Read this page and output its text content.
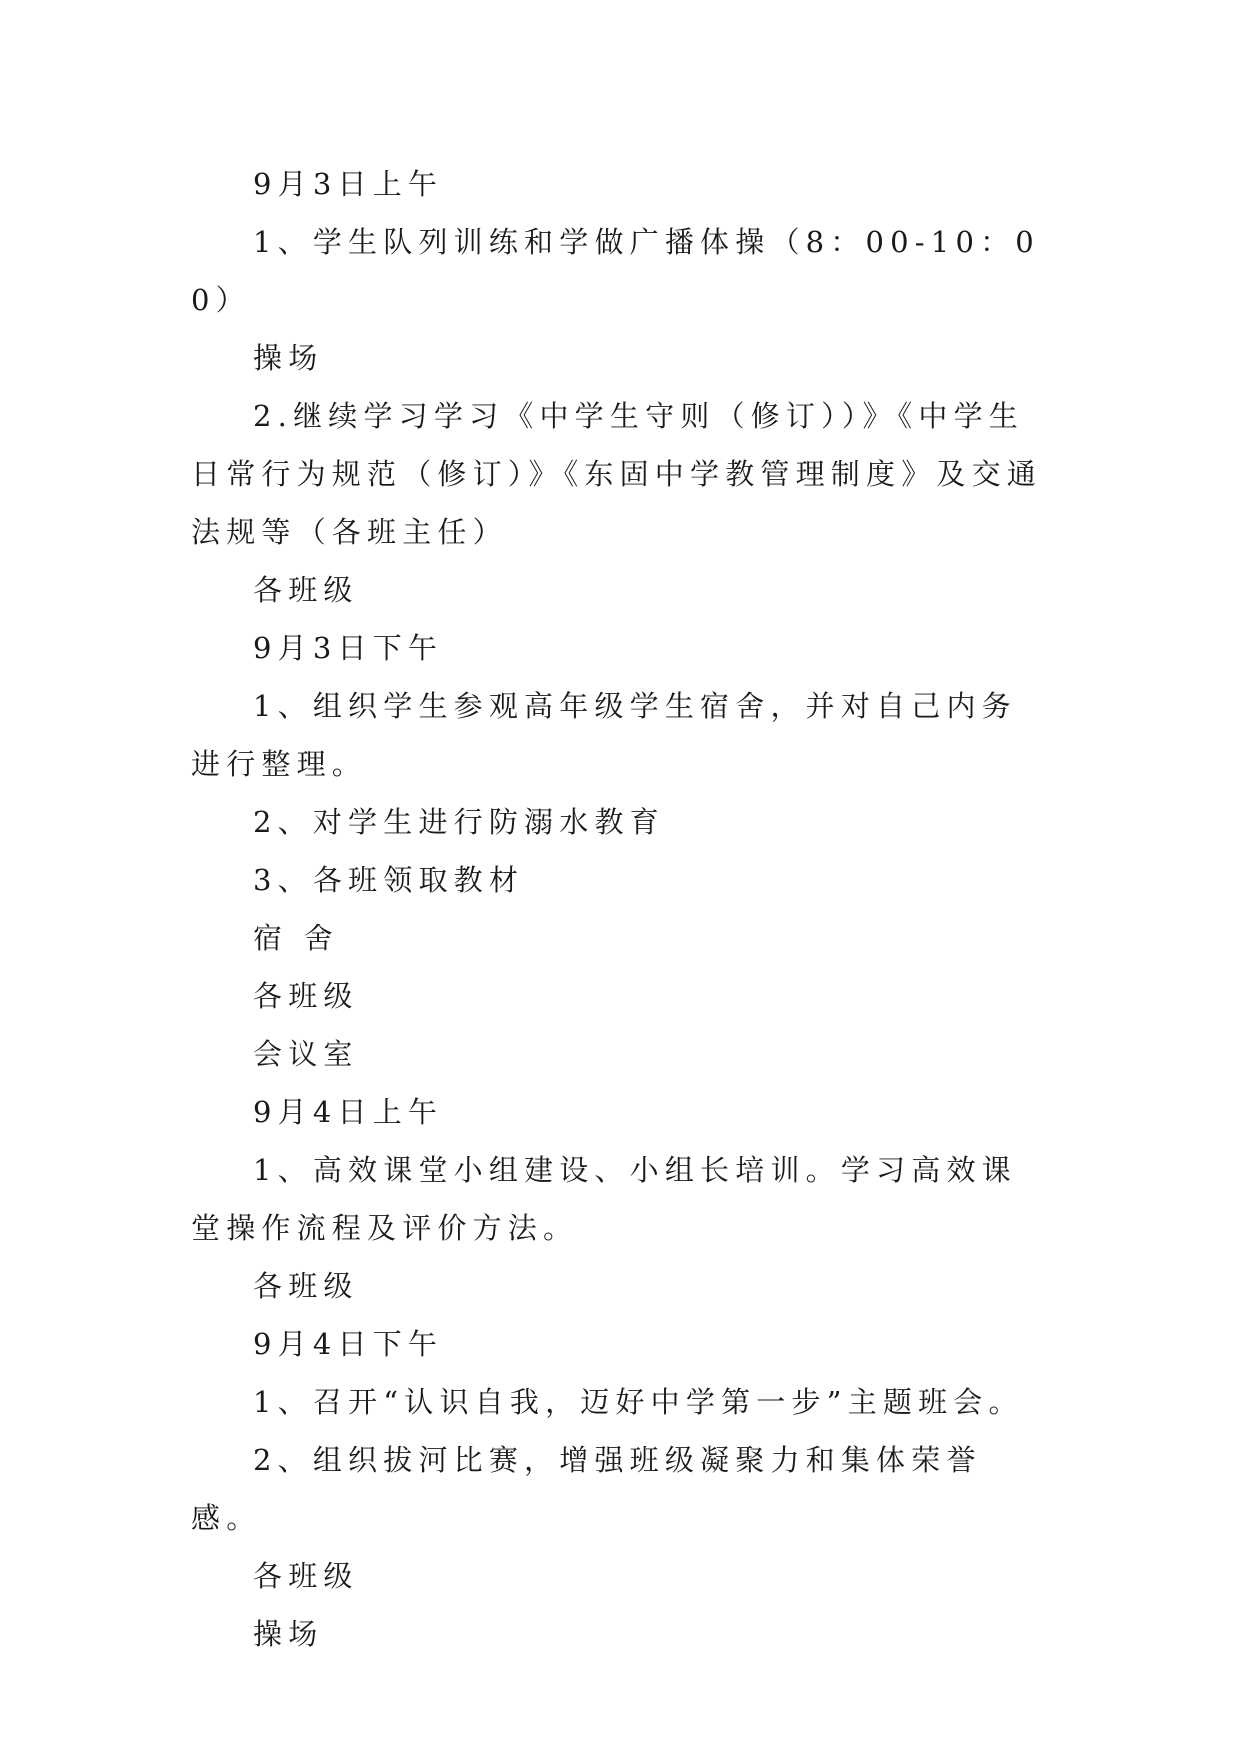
9月3日上午

1、学生队列训练和学做广播体操（8：00-10：00）

操场

2.继续学习学习《中学生守则（修订））》《中学生日常行为规范（修订）》《东固中学教管理制度》及交通法规等（各班主任）

各班级

9月3日下午

1、组织学生参观高年级学生宿舍，并对自己内务进行整理。

2、对学生进行防溺水教育

3、各班领取教材

宿 舍

各班级

会议室

9月4日上午

1、高效课堂小组建设、小组长培训。学习高效课堂操作流程及评价方法。

各班级

9月4日下午

1、召开“认识自我，迈好中学第一步”主题班会。

2、组织拔河比赛，增强班级凝聚力和集体荣誉感。

各班级

操场
